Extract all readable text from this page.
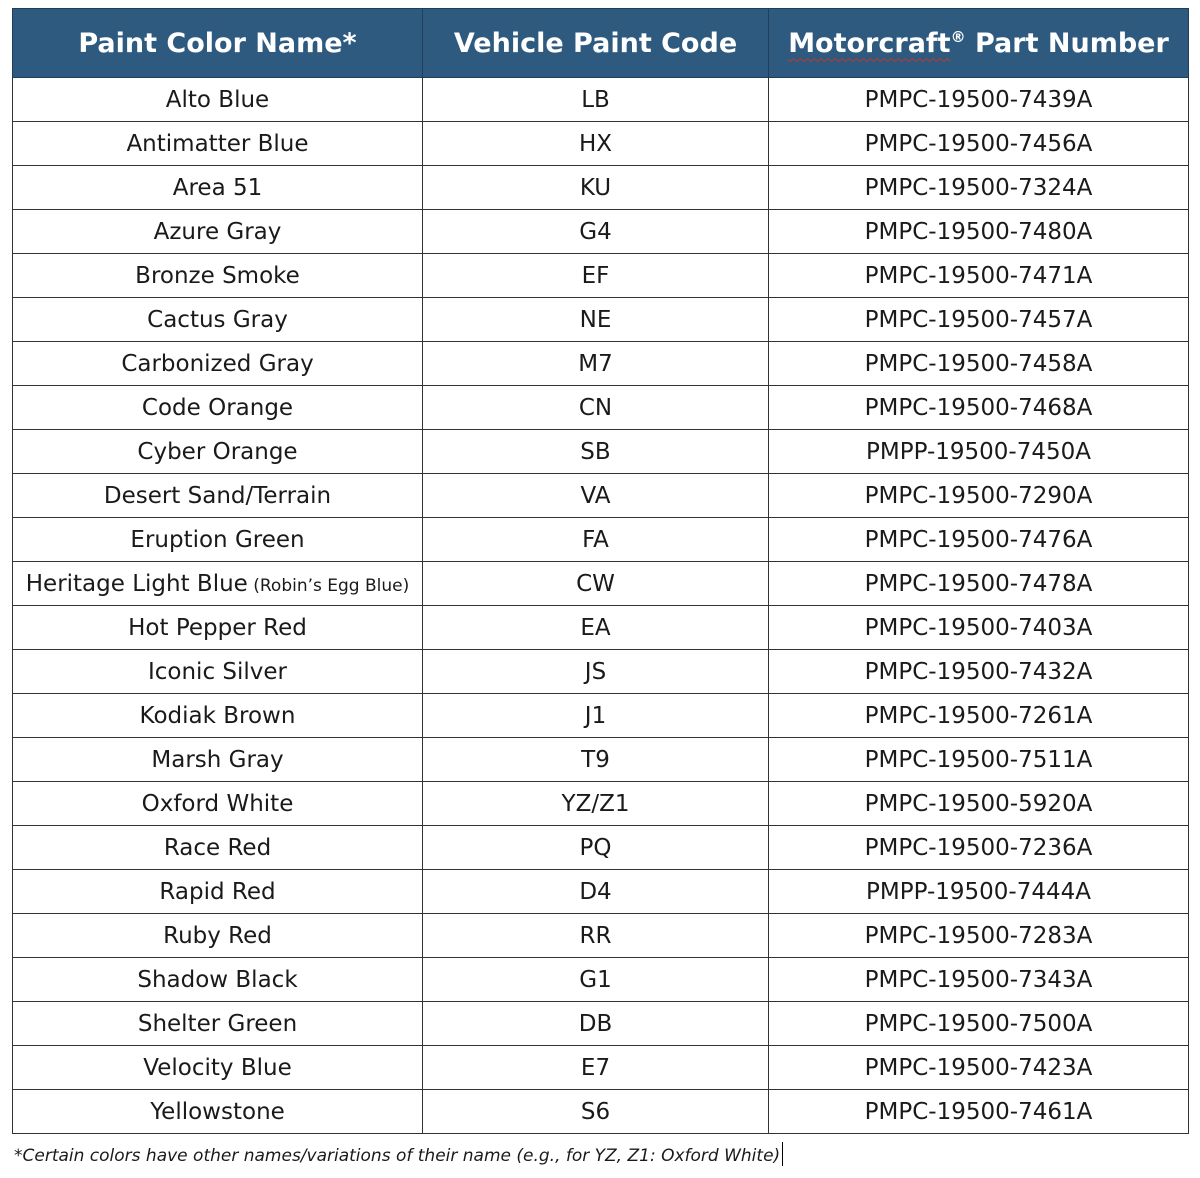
Paint Color Name*	Vehicle Paint Code	Motorcraft® Part Number
Alto Blue	LB	PMPC-19500-7439A
Antimatter Blue	HX	PMPC-19500-7456A
Area 51	KU	PMPC-19500-7324A
Azure Gray	G4	PMPC-19500-7480A
Bronze Smoke	EF	PMPC-19500-7471A
Cactus Gray	NE	PMPC-19500-7457A
Carbonized Gray	M7	PMPC-19500-7458A
Code Orange	CN	PMPC-19500-7468A
Cyber Orange	SB	PMPP-19500-7450A
Desert Sand/Terrain	VA	PMPC-19500-7290A
Eruption Green	FA	PMPC-19500-7476A
Heritage Light Blue (Robin’s Egg Blue)	CW	PMPC-19500-7478A
Hot Pepper Red	EA	PMPC-19500-7403A
Iconic Silver	JS	PMPC-19500-7432A
Kodiak Brown	J1	PMPC-19500-7261A
Marsh Gray	T9	PMPC-19500-7511A
Oxford White	YZ/Z1	PMPC-19500-5920A
Race Red	PQ	PMPC-19500-7236A
Rapid Red	D4	PMPP-19500-7444A
Ruby Red	RR	PMPC-19500-7283A
Shadow Black	G1	PMPC-19500-7343A
Shelter Green	DB	PMPC-19500-7500A
Velocity Blue	E7	PMPC-19500-7423A
Yellowstone	S6	PMPC-19500-7461A
*Certain colors have other names/variations of their name (e.g., for YZ, Z1: Oxford White)
